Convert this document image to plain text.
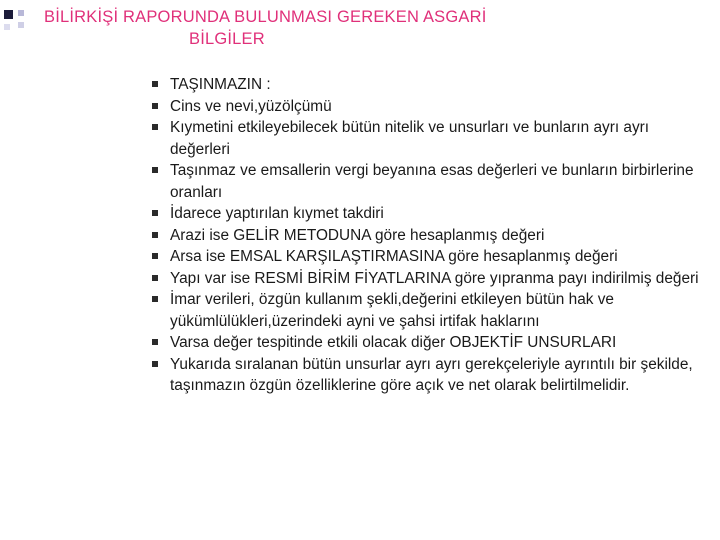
BİLİRKİŞİ RAPORUNDA BULUNMASI GEREKEN ASGARİ
BİLGİLER
TAŞINMAZIN :
Cins ve nevi,yüzölçümü
Kıymetini etkileyebilecek bütün nitelik ve unsurları ve bunların ayrı ayrı değerleri
Taşınmaz ve emsallerin vergi beyanına esas değerleri ve bunların birbirlerine oranları
İdarece yaptırılan kıymet takdiri
Arazi ise GELİR METODUNA göre hesaplanmış değeri
Arsa ise EMSAL KARŞILAŞTIRMASINA göre hesaplanmış değeri
Yapı var ise RESMİ BİRİM FİYATLARINA göre yıpranma payı indirilmiş değeri
İmar verileri, özgün kullanım şekli,değerini etkileyen bütün hak ve yükümlülükleri,üzerindeki ayni ve şahsi irtifak haklarını
Varsa değer tespitinde etkili olacak diğer OBJEKTİF UNSURLARI
Yukarıda sıralanan bütün unsurlar ayrı ayrı gerekçeleriyle ayrıntılı bir şekilde, taşınmazın özgün özelliklerine göre açık ve net olarak belirtilmelidir.
